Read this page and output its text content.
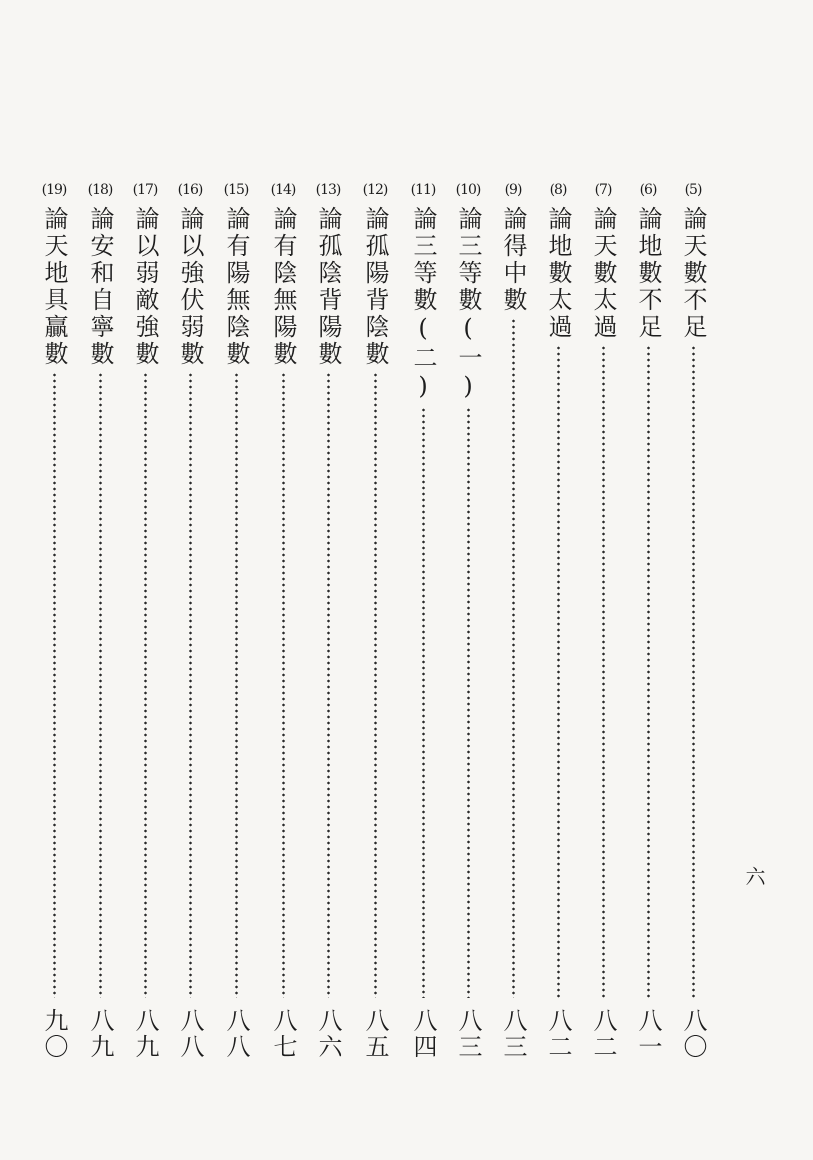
(5)
論天數不足
八〇
(6)
論地數不足
八一
(7)
論天數太過
八二
(8)
論地數太過
八二
(9)
論得中數
八三
(10)
論三等數(一)
八三
(11)
論三等數(二)
八四
(12)
論孤陽背陰數
八五
(13)
論孤陰背陽數
八六
(14)
論有陰無陽數
八七
(15)
論有陽無陰數
八八
(16)
論以強伏弱數
八八
(17)
論以弱敵強數
八九
(18)
論安和自寧數
八九
(19)
論天地具贏數
九〇
六
